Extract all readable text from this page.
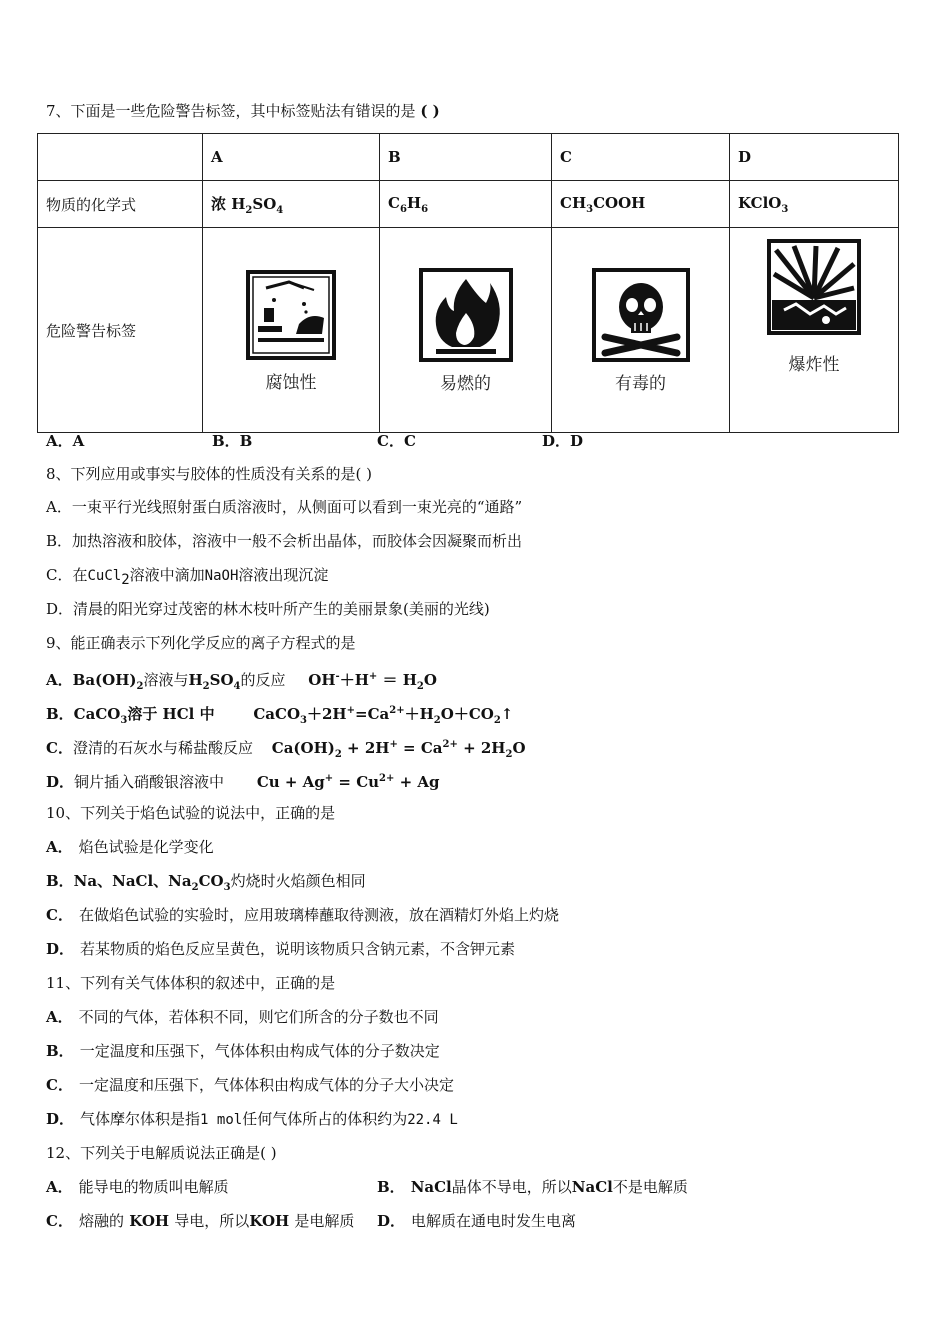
7、下面是一些危险警告标签，其中标签贴法有错误的是 ( )
	A	B	C	D
物质的化学式	浓 $H_2SO_4$	$C_6H_6$	$CH_3COOH$	KClO$_3$
危险警告标签	腐蚀性	易燃的	有毒的	爆炸性
A．A	B．B	C．C	D．D
8、下列应用或事实与胶体的性质没有关系的是( )
A．一束平行光线照射蛋白质溶液时，从侧面可以看到一束光亮的“通路”
B．加热溶液和胶体，溶液中一般不会析出晶体，而胶体会因凝聚而析出
C．在CuCl$_2$溶液中滴加NaOH溶液出现沉淀
D．清晨的阳光穿过茂密的林木枝叶所产生的美丽景象(美丽的光线)
9、能正确表示下列化学反应的离子方程式的是
A．$Ba(OH)_2$溶液与$H_2SO_4$的反应 $OH^-+H^+ = H_2O$
B．CaCO$_3$溶于 HCl 中	$CaCO_3+2H^+=Ca^{2+}+H_2O+CO_2↑$
C．澄清的石灰水与稀盐酸反应 $Ca(OH)_2 + 2H^+ = Ca^{2+} + 2H_2O$
D．铜片插入硝酸银溶液中 $Cu + Ag^+ = Cu^{2+} + Ag$
10、下列关于焰色试验的说法中，正确的是
A． 焰色试验是化学变化
B．Na、NaCl、$Na_2CO_3$灼烧时火焰颜色相同
C． 在做焰色试验的实验时，应用玻璃棒蘸取待测液，放在酒精灯外焰上灼烧
D． 若某物质的焰色反应呈黄色，说明该物质只含钠元素，不含钾元素
11、下列有关气体体积的叙述中，正确的是
A． 不同的气体，若体积不同，则它们所含的分子数也不同
B． 一定温度和压强下，气体体积由构成气体的分子数决定
C． 一定温度和压强下，气体体积由构成气体的分子大小决定
D． 气体摩尔体积是指1 mol任何气体所占的体积约为22.4 L
12、下列关于电解质说法正确是( )
A． 能导电的物质叫电解质	B． NaCl晶体不导电，所以NaCl不是电解质
C． 熔融的 KOH 导电，所以KOH 是电解质 D． 电解质在通电时发生电离
